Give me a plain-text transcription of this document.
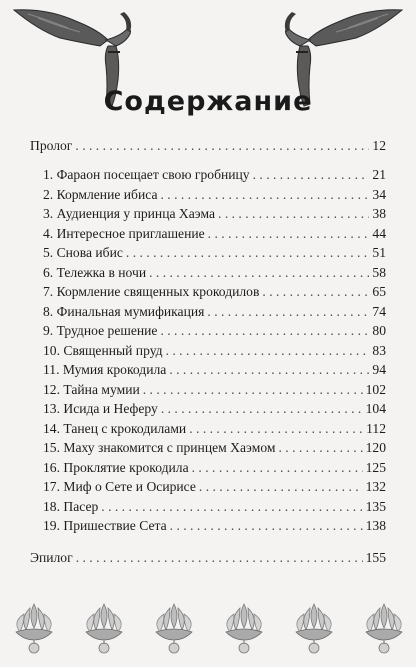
Содержание
Пролог . . .	12
1. Фараон посещает свою гробницу . . .	21
2. Кормление ибиса . . .	34
3. Аудиенция у принца Хаэма . . .	38
4. Интересное приглашение . . .	44
5. Снова ибис . . .	51
6. Тележка в ночи . . .	58
7. Кормление священных крокодилов . . .	65
8. Финальная мумификация . . .	74
9. Трудное решение . . .	80
10. Священный пруд . . .	83
11. Мумия крокодила . . .	94
12. Тайна мумии . . .	102
13. Исида и Неферу . . .	104
14. Танец с крокодилами . . .	112
15. Маху знакомится с принцем Хаэмом . . .	120
16. Проклятие крокодила . . .	125
17. Миф о Сете и Осирисе . . .	132
18. Пасер . . .	135
19. Пришествие Сета . . .	138
Эпилог . . .	155
